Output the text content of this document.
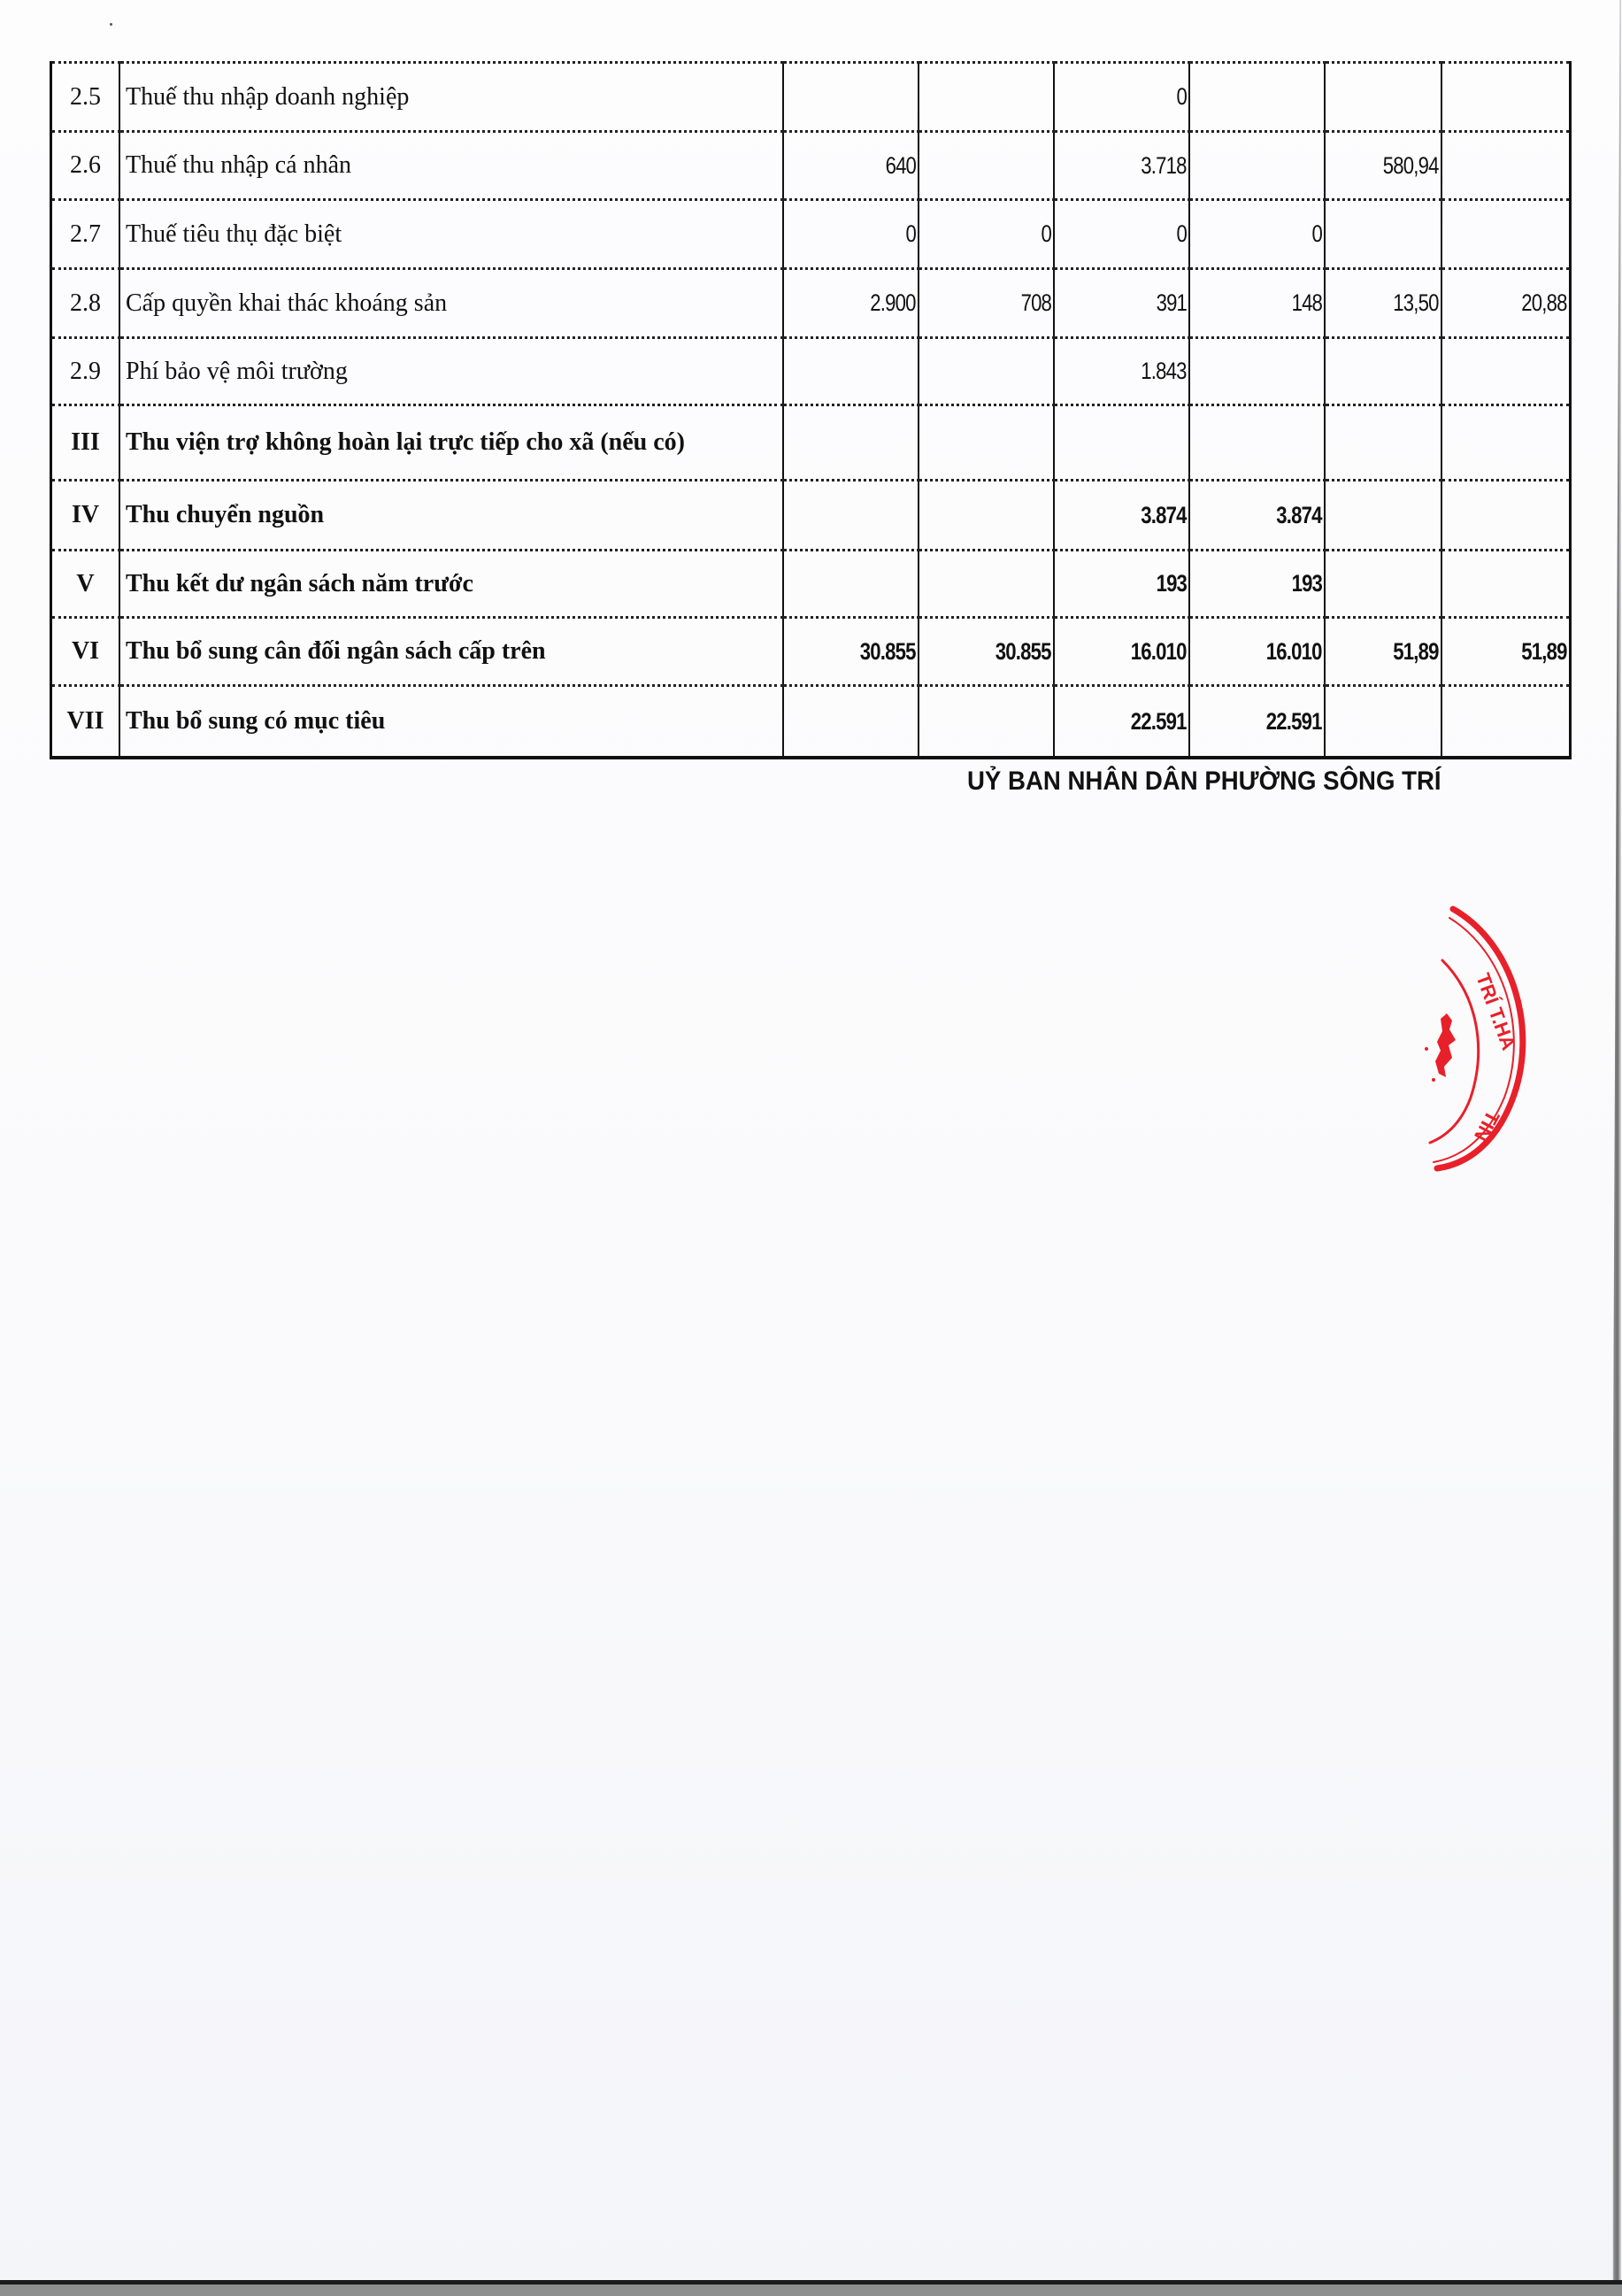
2.5	Thuế thu nhập doanh nghiệp			0			
2.6	Thuế thu nhập cá nhân	640		3.718		580,94	
2.7	Thuế tiêu thụ đặc biệt	0	0	0	0		
2.8	Cấp quyền khai thác khoáng sản	2.900	708	391	148	13,50	20,88
2.9	Phí bảo vệ môi trường			1.843			
III	Thu viện trợ không hoàn lại trực tiếp cho xã (nếu có)						
IV	Thu chuyển nguồn			3.874	3.874		
V	Thu kết dư ngân sách năm trước			193	193		
VI	Thu bổ sung cân đối ngân sách cấp trên	30.855	30.855	16.010	16.010	51,89	51,89
VII	Thu bổ sung có mục tiêu			22.591	22.591		
UỶ BAN NHÂN DÂN PHƯỜNG SÔNG TRÍ
TRÍ T.HA
TỈN
